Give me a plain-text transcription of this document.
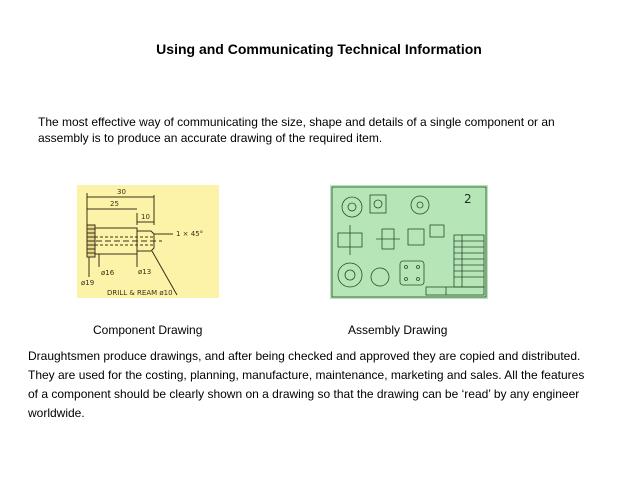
Using and Communicating Technical Information
The most effective way of communicating the size, shape and details of a single component or an assembly is to produce an accurate drawing of the required item.
30
25
10
1 × 45°
ø16	ø13
ø19
DRILL & REAM ø10
2
Component Drawing	Assembly Drawing
Draughtsmen produce drawings, and after being checked and approved they are copied and distributed. They are used for the costing, planning, manufacture, maintenance, marketing and sales. All the features of a component should be clearly shown on a drawing so that the drawing can be ‘read’ by any engineer worldwide.
